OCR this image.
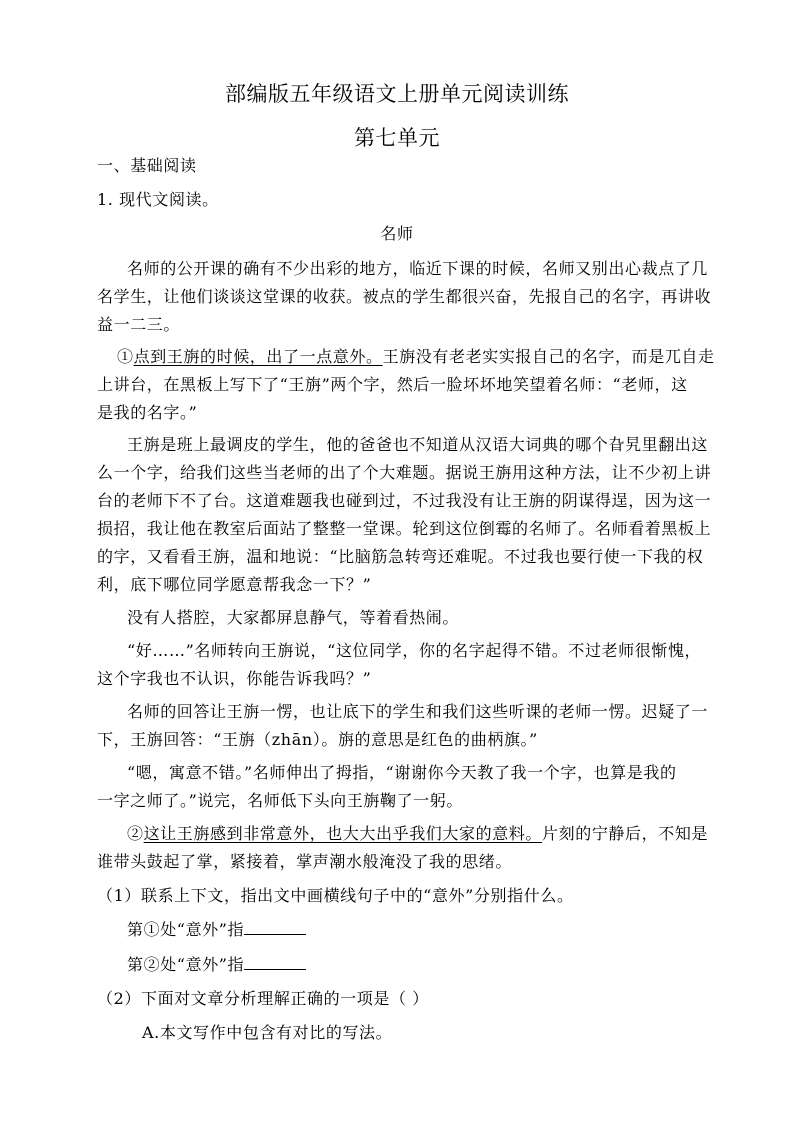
部编版五年级语文上册单元阅读训练
第七单元
一、基础阅读
1. 现代文阅读。
名师
名师的公开课的确有不少出彩的地方，临近下课的时候，名师又别出心裁点了几
名学生，让他们谈谈这堂课的收获。被点的学生都很兴奋，先报自己的名字，再讲收
益一二三。
①点到王旃的时候，出了一点意外。王旃没有老老实实报自己的名字，而是兀自走
上讲台，在黑板上写下了“王旃”两个字，然后一脸坏坏地笑望着名师：“老师，这
是我的名字。”
王旃是班上最调皮的学生，他的爸爸也不知道从汉语大词典的哪个旮旯里翻出这
么一个字，给我们这些当老师的出了个大难题。据说王旃用这种方法，让不少初上讲
台的老师下不了台。这道难题我也碰到过，不过我没有让王旃的阴谋得逞，因为这一
损招，我让他在教室后面站了整整一堂课。轮到这位倒霉的名师了。名师看着黑板上
的字，又看看王旃，温和地说：“比脑筋急转弯还难呢。不过我也要行使一下我的权
利，底下哪位同学愿意帮我念一下？”
没有人搭腔，大家都屏息静气，等着看热闹。
“好……”名师转向王旃说，“这位同学，你的名字起得不错。不过老师很惭愧，
这个字我也不认识，你能告诉我吗？”
名师的回答让王旃一愣，也让底下的学生和我们这些听课的老师一愣。迟疑了一
下，王旃回答：“王旃（zhān）。旃的意思是红色的曲柄旗。”
“嗯，寓意不错。”名师伸出了拇指，“谢谢你今天教了我一个字，也算是我的
一字之师了。”说完，名师低下头向王旃鞠了一躬。
②这让王旃感到非常意外，也大大出乎我们大家的意料。片刻的宁静后，不知是
谁带头鼓起了掌，紧接着，掌声潮水般淹没了我的思绪。
（1）联系上下文，指出文中画横线句子中的“意外”分别指什么。
第①处“意外”指
第②处“意外”指
（2）下面对文章分析理解正确的一项是（ ）
A.本文写作中包含有对比的写法。
